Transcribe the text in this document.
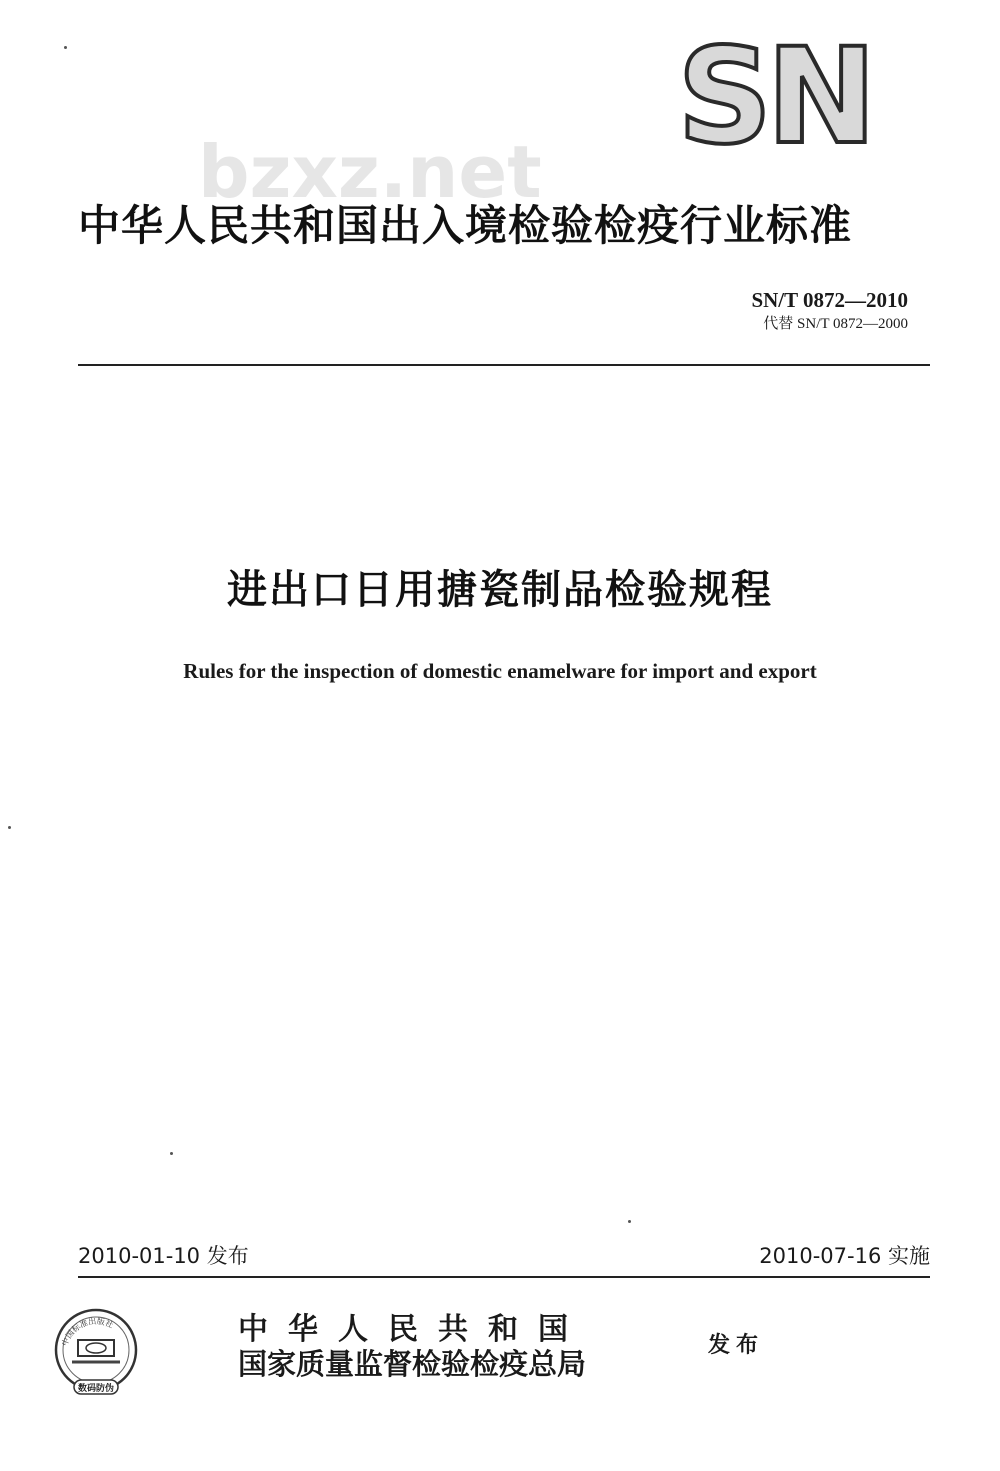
SN
bzxz.net
中华人民共和国出入境检验检疫行业标准
SN/T 0872—2010
代替 SN/T 0872—2000
进出口日用搪瓷制品检验规程
Rules for the inspection of domestic enamelware for import and export
2010-01-10 发布	2010-07-16 实施
中国标准出版社
数码防伪
中华人民共和国
国家质量监督检验检疫总局
发布
